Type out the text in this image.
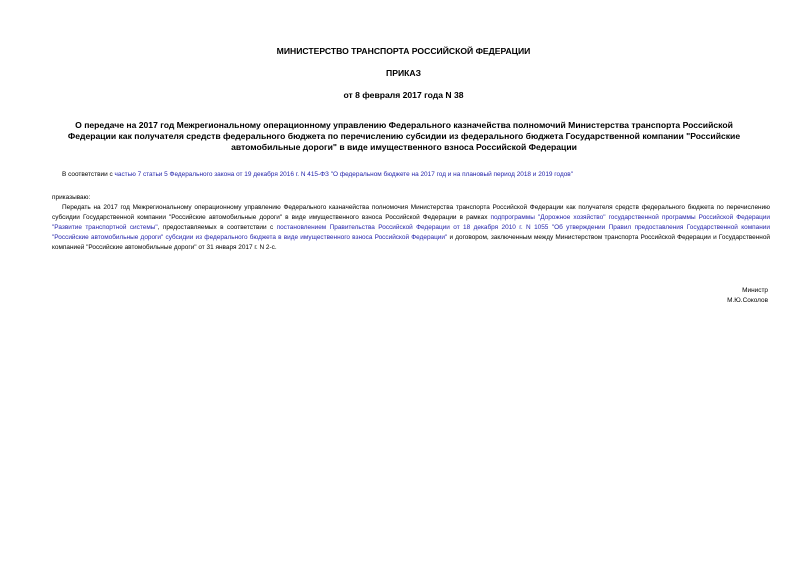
МИНИСТЕРСТВО ТРАНСПОРТА РОССИЙСКОЙ ФЕДЕРАЦИИ
ПРИКАЗ
от 8 февраля 2017 года N 38
О передаче на 2017 год Межрегиональному операционному управлению Федерального казначейства полномочий Министерства транспорта Российской Федерации как получателя средств федерального бюджета по перечислению субсидии из федерального бюджета Государственной компании "Российские автомобильные дороги" в виде имущественного взноса Российской Федерации
В соответствии с частью 7 статьи 5 Федерального закона от 19 декабря 2016 г. N 415-ФЗ "О федеральном бюджете на 2017 год и на плановый период 2018 и 2019 годов"
приказываю:
Передать на 2017 год Межрегиональному операционному управлению Федерального казначейства полномочия Министерства транспорта Российской Федерации как получателя средств федерального бюджета по перечислению субсидии Государственной компании "Российские автомобильные дороги" в виде имущественного взноса Российской Федерации в рамках подпрограммы "Дорожное хозяйство" государственной программы Российской Федерации "Развитие транспортной системы", предоставляемых в соответствии с постановлением Правительства Российской Федерации от 18 декабря 2010 г. N 1055 "Об утверждении Правил предоставления Государственной компании "Российские автомобильные дороги" субсидии из федерального бюджета в виде имущественного взноса Российской Федерации" и договором, заключенным между Министерством транспорта Российской Федерации и Государственной компанией "Российские автомобильные дороги" от 31 января 2017 г. N 2-с.
Министр
М.Ю.Соколов
